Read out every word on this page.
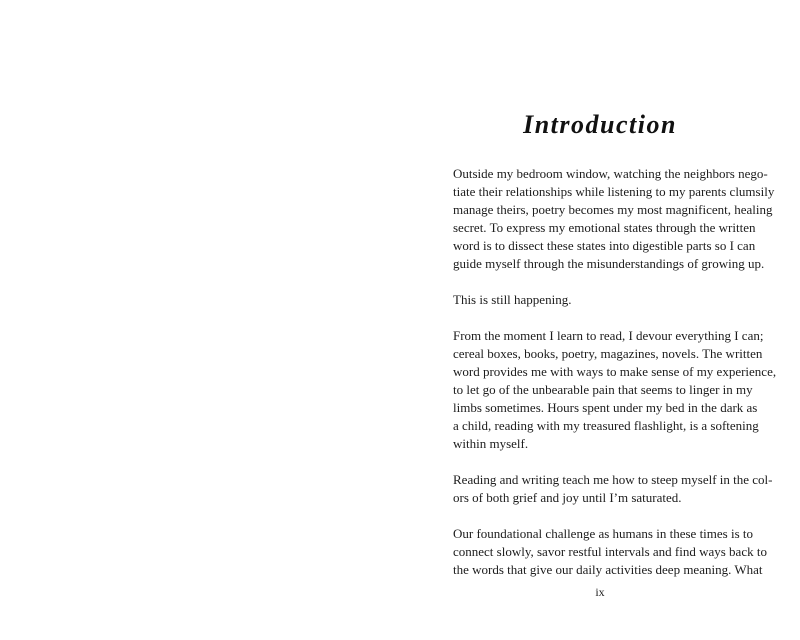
Introduction

Outside my bedroom window, watching the neighbors nego-
tiate their relationships while listening to my parents clumsily
manage theirs, poetry becomes my most magnificent, healing
secret. To express my emotional states through the written
word is to dissect these states into digestible parts so I can
guide myself through the misunderstandings of growing up.

This is still happening.

From the moment I learn to read, I devour everything I can;
cereal boxes, books, poetry, magazines, novels. The written
word provides me with ways to make sense of my experience,
to let go of the unbearable pain that seems to linger in my
limbs sometimes. Hours spent under my bed in the dark as
a child, reading with my treasured flashlight, is a softening
within myself.

Reading and writing teach me how to steep myself in the col-
ors of both grief and joy until I’m saturated.

Our foundational challenge as humans in these times is to
connect slowly, savor restful intervals and find ways back to
the words that give our daily activities deep meaning. What

ix
